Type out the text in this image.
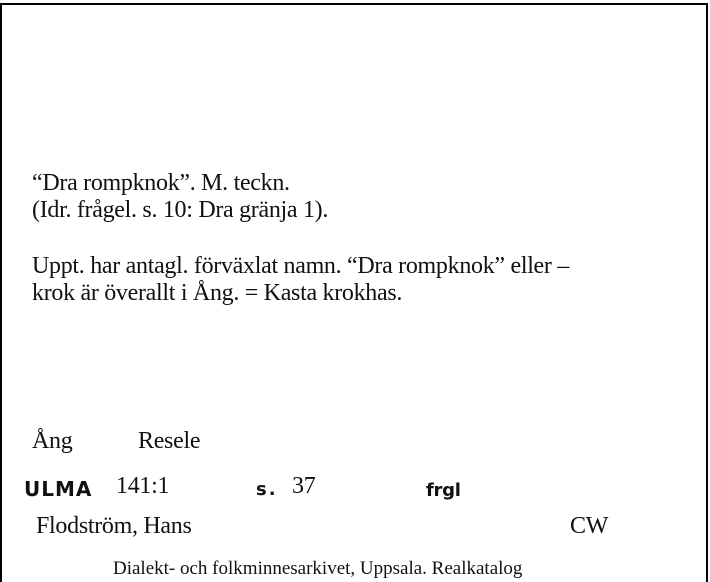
“Dra rompknok”. M. teckn.
(Idr. frågel. s. 10: Dra gränja 1).
Uppt. har antagl. förväxlat namn. “Dra rompknok” eller –
krok är överallt i Ång. = Kasta krokhas.
Ång	Resele
ULMA 141:1	s. 37	frgl
Flodström, Hans	CW
Dialekt- och folkminnesarkivet, Uppsala. Realkatalog
